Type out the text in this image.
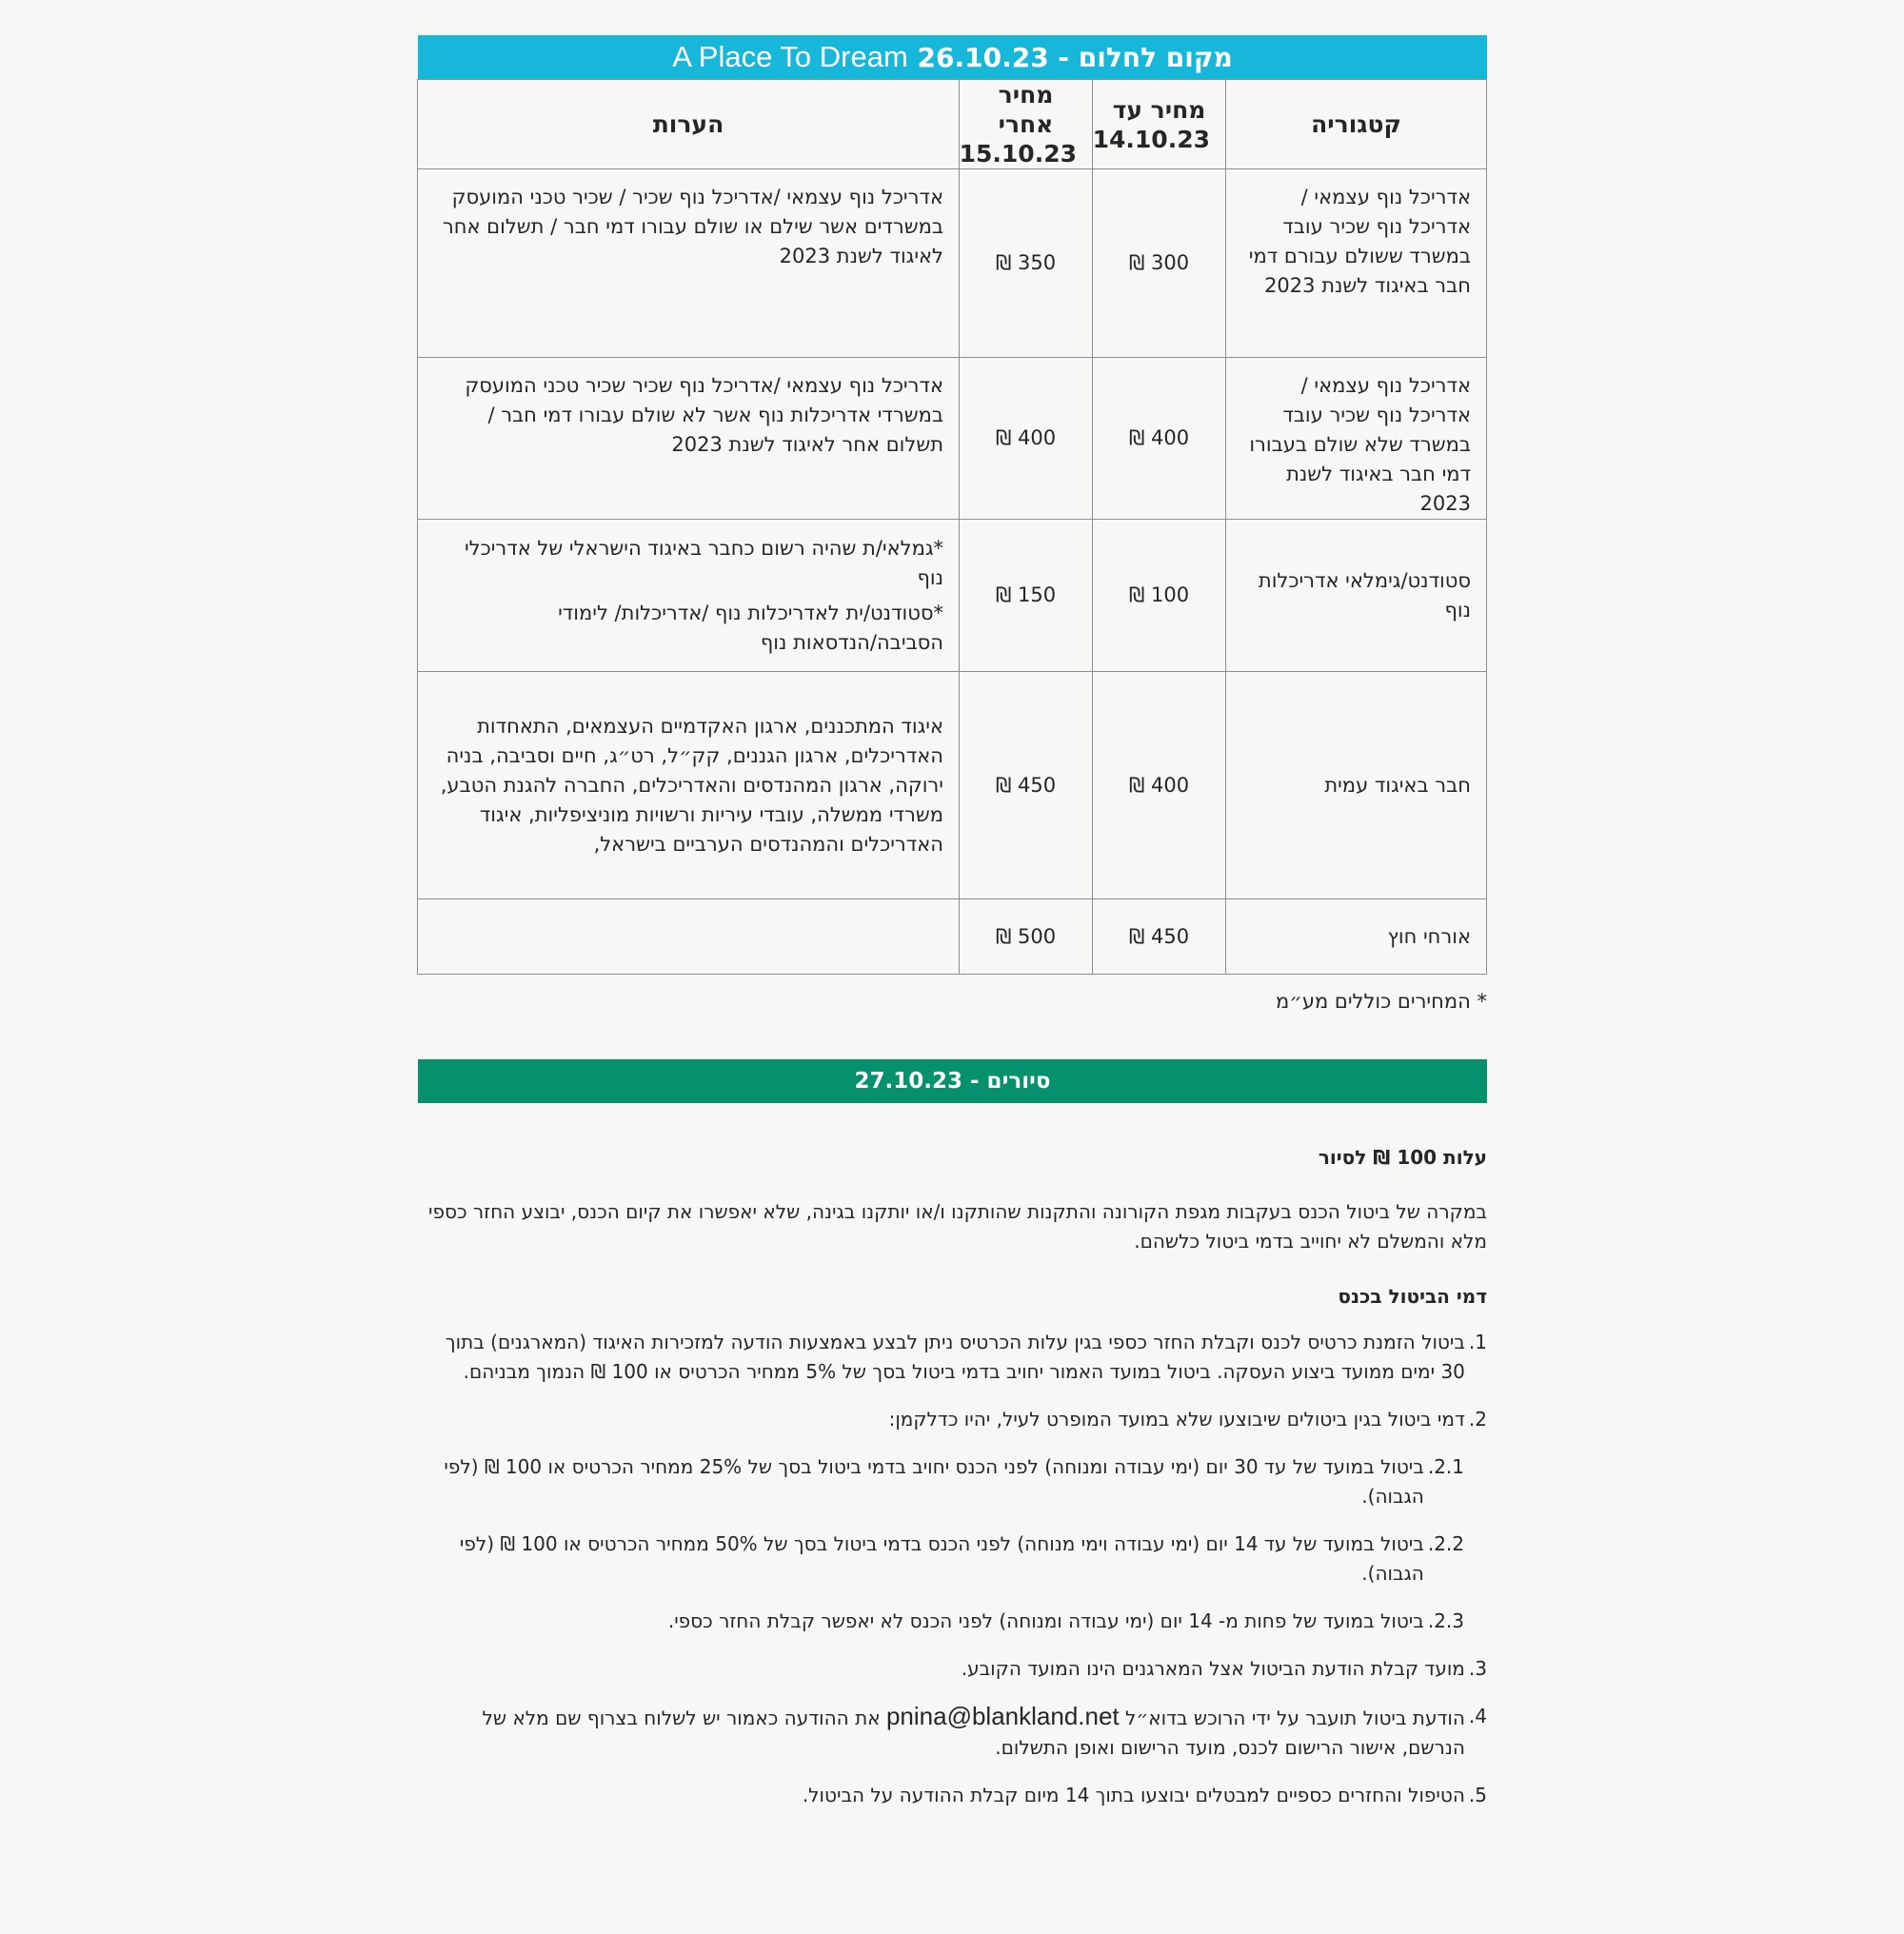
מקום לחלום - 26.10.23 A Place To Dream
קטגוריה	מחיר עד 14.10.23	מחיר אחרי 15.10.23	הערות
אדריכל נוף עצמאי / אדריכל נוף שכיר עובד במשרד ששולם עבורם דמי חבר באיגוד לשנת 2023	300 ₪	350 ₪	אדריכל נוף עצמאי /אדריכל נוף שכיר / שכיר טכני המועסק במשרדים אשר שילם או שולם עבורו דמי חבר / תשלום אחר לאיגוד לשנת 2023

אדריכל נוף עצמאי / אדריכל נוף שכיר עובד במשרד שלא שולם בעבורו דמי חבר באיגוד לשנת 2023	400 ₪	400 ₪	אדריכל נוף עצמאי /אדריכל נוף שכיר שכיר טכני המועסק במשרדי אדריכלות נוף אשר לא שולם עבורו דמי חבר / תשלום אחר לאיגוד לשנת 2023

סטודנט/גימלאי אדריכלות נוף	100 ₪	150 ₪	*גמלאי/ת שהיה רשום כחבר באיגוד הישראלי של אדריכלי נוף

*סטודנט/ית לאדריכלות נוף /אדריכלות/ לימודי הסביבה/הנדסאות נוף

חבר באיגוד עמית	400 ₪	450 ₪	איגוד המתכננים, ארגון האקדמיים העצמאים, התאחדות האדריכלים, ארגון הגננים, קק״ל, רט״ג, חיים וסביבה, בניה ירוקה, ארגון המהנדסים והאדריכלים, החברה להגנת הטבע, משרדי ממשלה, עובדי עיריות ורשויות מוניציפליות, איגוד האדריכלים והמהנדסים הערביים בישראל,

אורחי חוץ	450 ₪	500 ₪	
* המחירים כוללים מע״מ
סיורים - 27.10.23

עלות 100 ₪ לסיור

במקרה של ביטול הכנס בעקבות מגפת הקורונה והתקנות שהותקנו ו/או יותקנו בגינה, שלא יאפשרו את קיום הכנס, יבוצע החזר כספי מלא והמשלם לא יחוייב בדמי ביטול כלשהם.

דמי הביטול בכנס

1.
ביטול הזמנת כרטיס לכנס וקבלת החזר כספי בגין עלות הכרטיס ניתן לבצע באמצעות הודעה למזכירות האיגוד (המארגנים) בתוך 30 ימים ממועד ביצוע העסקה. ביטול במועד האמור יחויב בדמי ביטול בסך של 5% ממחיר הכרטיס או 100 ₪ הנמוך מבניהם.
2.
דמי ביטול בגין ביטולים שיבוצעו שלא במועד המופרט לעיל, יהיו כדלקמן:
2.1.
ביטול במועד של עד 30 יום (ימי עבודה ומנוחה) לפני הכנס יחויב בדמי ביטול בסך של 25% ממחיר הכרטיס או 100 ₪ (לפי הגבוה).
2.2.
ביטול במועד של עד 14 יום (ימי עבודה וימי מנוחה) לפני הכנס בדמי ביטול בסך של 50% ממחיר הכרטיס או 100 ₪ (לפי הגבוה).
2.3.
ביטול במועד של פחות מ- 14 יום (ימי עבודה ומנוחה) לפני הכנס לא יאפשר קבלת החזר כספי.
3.
מועד קבלת הודעת הביטול אצל המארגנים הינו המועד הקובע.
4.
הודעת ביטול תועבר על ידי הרוכש בדוא״ל pnina@blankland.net את ההודעה כאמור יש לשלוח בצרוף שם מלא של הנרשם, אישור הרישום לכנס, מועד הרישום ואופן התשלום.
5.
הטיפול והחזרים כספיים למבטלים יבוצעו בתוך 14 מיום קבלת ההודעה על הביטול.
